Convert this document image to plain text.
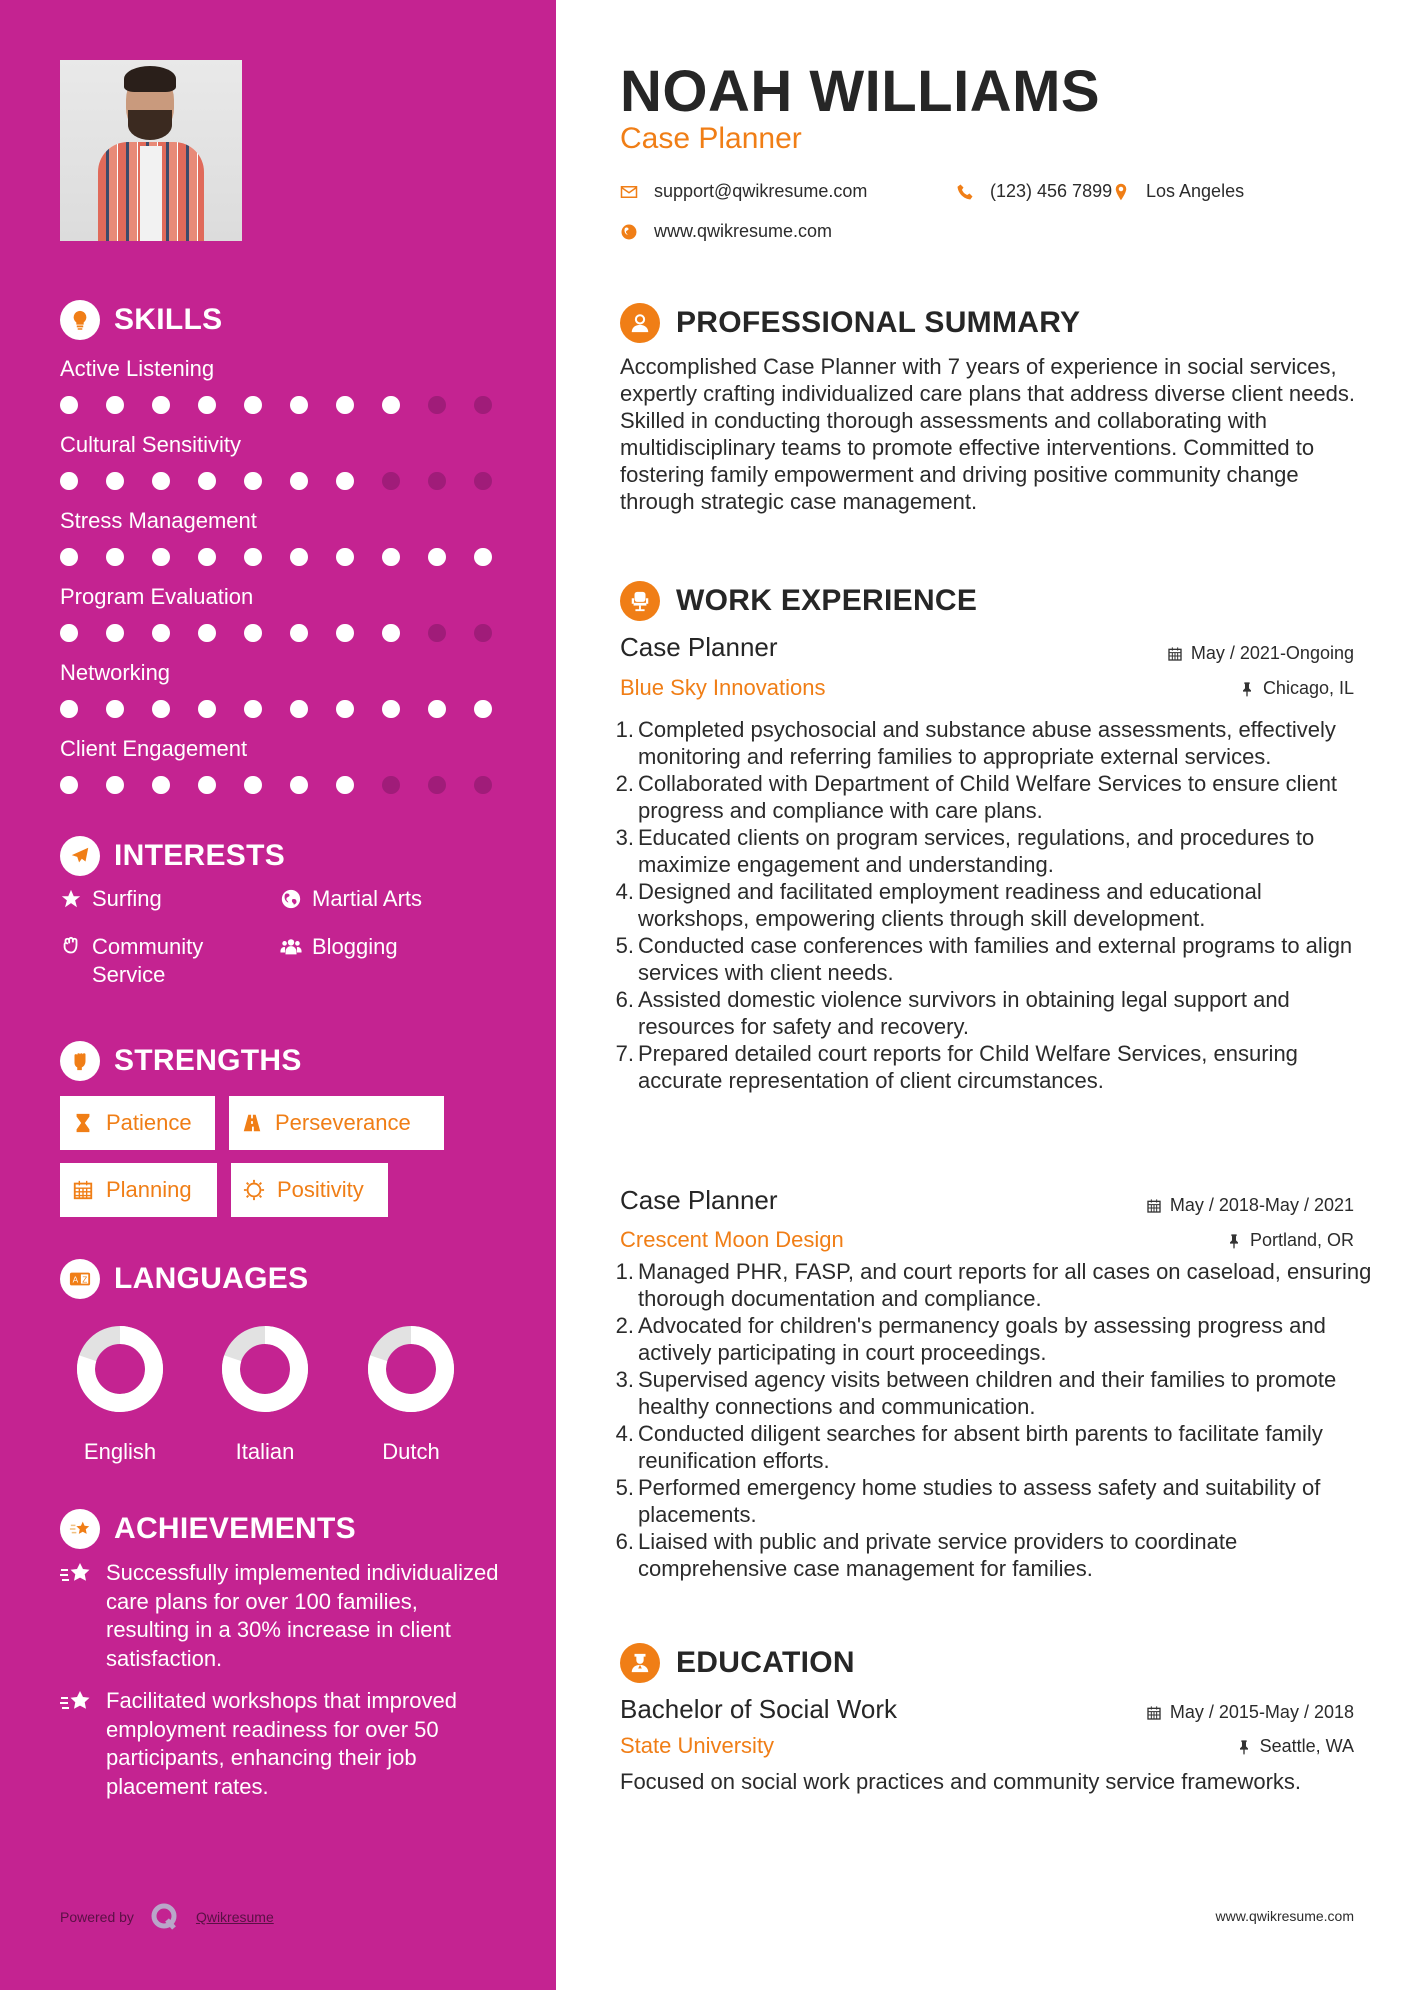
SKILLS
Active Listening
Cultural Sensitivity
Stress Management
Program Evaluation
Networking
Client Engagement
INTERESTS
Surfing	Martial Arts
Community Service
Blogging
STRENGTHS
Patience	Perseverance
Planning	Positivity
A Z LANGUAGES
English	Italian	Dutch
ACHIEVEMENTS
Successfully implemented individualized care plans for over 100 families, resulting in a 30% increase in client satisfaction.
Facilitated workshops that improved employment readiness for over 50 participants, enhancing their job placement rates.
Powered by	Qwikresume
NOAH WILLIAMS
Case Planner
support@qwikresume.com	(123) 456 7899 Los Angeles
www.qwikresume.com
PROFESSIONAL SUMMARY

Accomplished Case Planner with 7 years of experience in social services, expertly crafting individualized care plans that address diverse client needs. Skilled in conducting thorough assessments and collaborating with multidisciplinary teams to promote effective interventions. Committed to fostering family empowerment and driving positive community change through strategic case management.

WORK EXPERIENCE
Case Planner	May / 2021-Ongoing
Blue Sky Innovations	Chicago, IL
1. Completed psychosocial and substance abuse assessments, effectively monitoring and referring families to appropriate external services.
2. Collaborated with Department of Child Welfare Services to ensure client progress and compliance with care plans.
3. Educated clients on program services, regulations, and procedures to maximize engagement and understanding.
4. Designed and facilitated employment readiness and educational workshops, empowering clients through skill development.
5. Conducted case conferences with families and external programs to align services with client needs.
6. Assisted domestic violence survivors in obtaining legal support and resources for safety and recovery.
7. Prepared detailed court reports for Child Welfare Services, ensuring accurate representation of client circumstances.
Case Planner	May / 2018-May / 2021
Crescent Moon Design	Portland, OR
1. Managed PHR, FASP, and court reports for all cases on caseload, ensuring thorough documentation and compliance.
2. Advocated for children's permanency goals by assessing progress and actively participating in court proceedings.
3. Supervised agency visits between children and their families to promote healthy connections and communication.
4. Conducted diligent searches for absent birth parents to facilitate family reunification efforts.
5. Performed emergency home studies to assess safety and suitability of placements.
6. Liaised with public and private service providers to coordinate comprehensive case management for families.
EDUCATION
Bachelor of Social Work	May / 2015-May / 2018
State University	Seattle, WA

Focused on social work practices and community service frameworks.

www.qwikresume.com
